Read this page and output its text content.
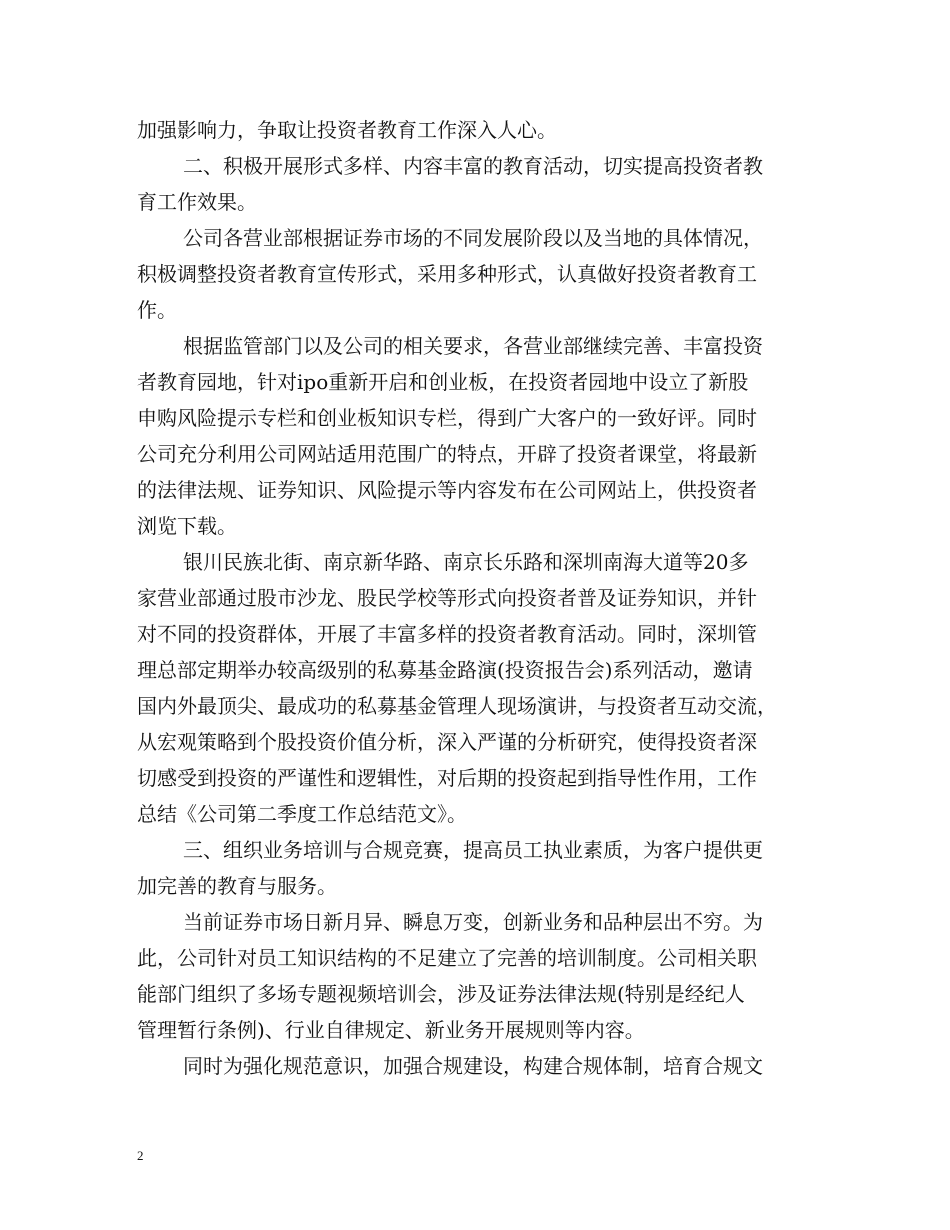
加强影响力，争取让投资者教育工作深入人心。
二、积极开展形式多样、内容丰富的教育活动，切实提高投资者教
育工作效果。
公司各营业部根据证券市场的不同发展阶段以及当地的具体情况，
积极调整投资者教育宣传形式，采用多种形式，认真做好投资者教育工
作。
根据监管部门以及公司的相关要求，各营业部继续完善、丰富投资
者教育园地，针对ipo重新开启和创业板，在投资者园地中设立了新股
申购风险提示专栏和创业板知识专栏，得到广大客户的一致好评。同时
公司充分利用公司网站适用范围广的特点，开辟了投资者课堂，将最新
的法律法规、证券知识、风险提示等内容发布在公司网站上，供投资者
浏览下载。
银川民族北街、南京新华路、南京长乐路和深圳南海大道等20多
家营业部通过股市沙龙、股民学校等形式向投资者普及证券知识，并针
对不同的投资群体，开展了丰富多样的投资者教育活动。同时，深圳管
理总部定期举办较高级别的私募基金路演(投资报告会)系列活动，邀请
国内外最顶尖、最成功的私募基金管理人现场演讲，与投资者互动交流，
从宏观策略到个股投资价值分析，深入严谨的分析研究，使得投资者深
切感受到投资的严谨性和逻辑性，对后期的投资起到指导性作用，工作
总结《公司第二季度工作总结范文》。
三、组织业务培训与合规竞赛，提高员工执业素质，为客户提供更
加完善的教育与服务。
当前证券市场日新月异、瞬息万变，创新业务和品种层出不穷。为
此，公司针对员工知识结构的不足建立了完善的培训制度。公司相关职
能部门组织了多场专题视频培训会，涉及证券法律法规(特别是经纪人
管理暂行条例)、行业自律规定、新业务开展规则等内容。
同时为强化规范意识，加强合规建设，构建合规体制，培育合规文
2
